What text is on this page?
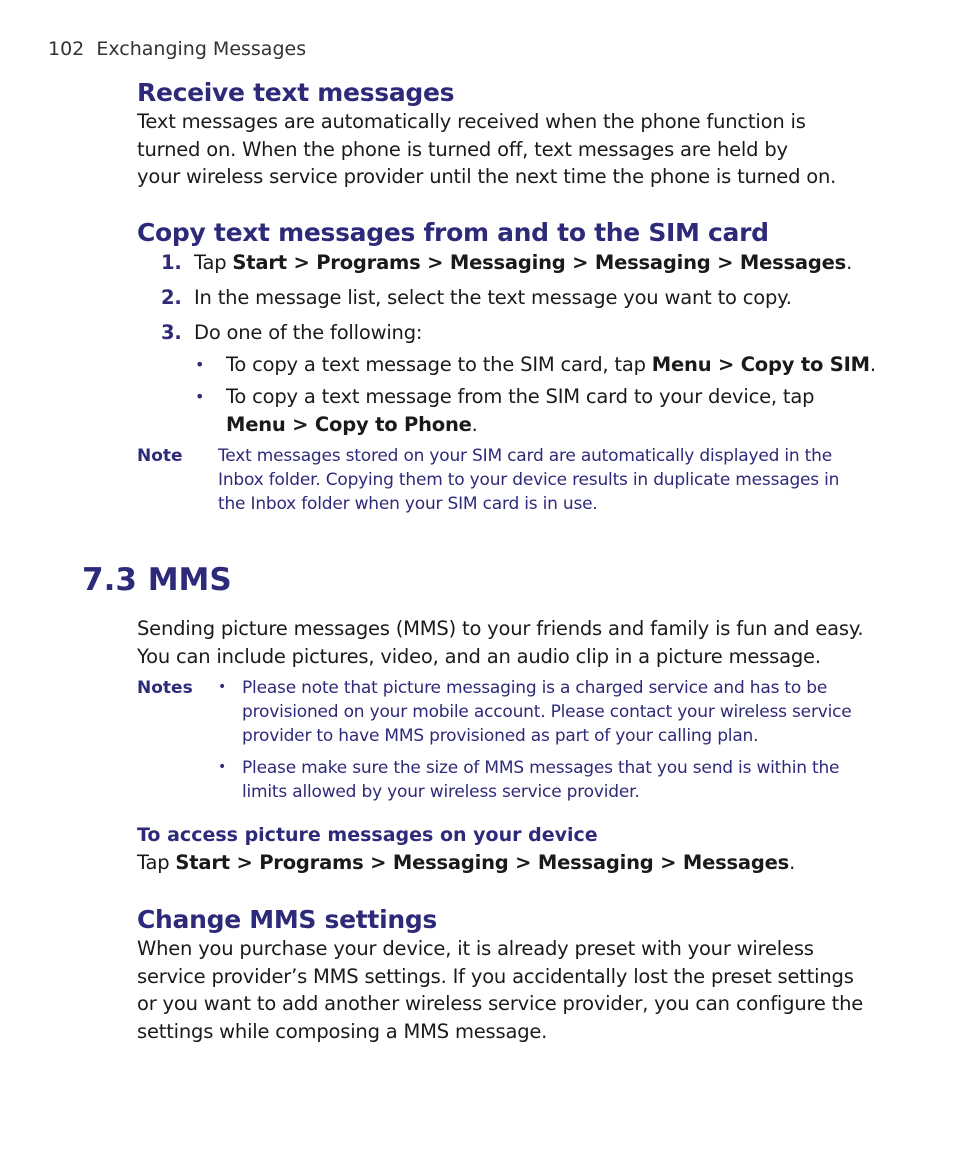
102 Exchanging Messages
Receive text messages
Text messages are automatically received when the phone function is
turned on. When the phone is turned off, text messages are held by
your wireless service provider until the next time the phone is turned on.
Copy text messages from and to the SIM card
1. Tap Start > Programs > Messaging > Messaging > Messages.
2. In the message list, select the text message you want to copy.
3. Do one of the following:
• To copy a text message to the SIM card, tap Menu > Copy to SIM.
• To copy a text message from the SIM card to your device, tap
Menu > Copy to Phone.
Note Text messages stored on your SIM card are automatically displayed in the
Inbox folder. Copying them to your device results in duplicate messages in
the Inbox folder when your SIM card is in use.
7.3 MMS
Sending picture messages (MMS) to your friends and family is fun and easy.
You can include pictures, video, and an audio clip in a picture message.
Notes • Please note that picture messaging is a charged service and has to be
provisioned on your mobile account. Please contact your wireless service
provider to have MMS provisioned as part of your calling plan.
• Please make sure the size of MMS messages that you send is within the
limits allowed by your wireless service provider.
To access picture messages on your device
Tap Start > Programs > Messaging > Messaging > Messages.
Change MMS settings
When you purchase your device, it is already preset with your wireless
service provider’s MMS settings. If you accidentally lost the preset settings
or you want to add another wireless service provider, you can configure the
settings while composing a MMS message.
